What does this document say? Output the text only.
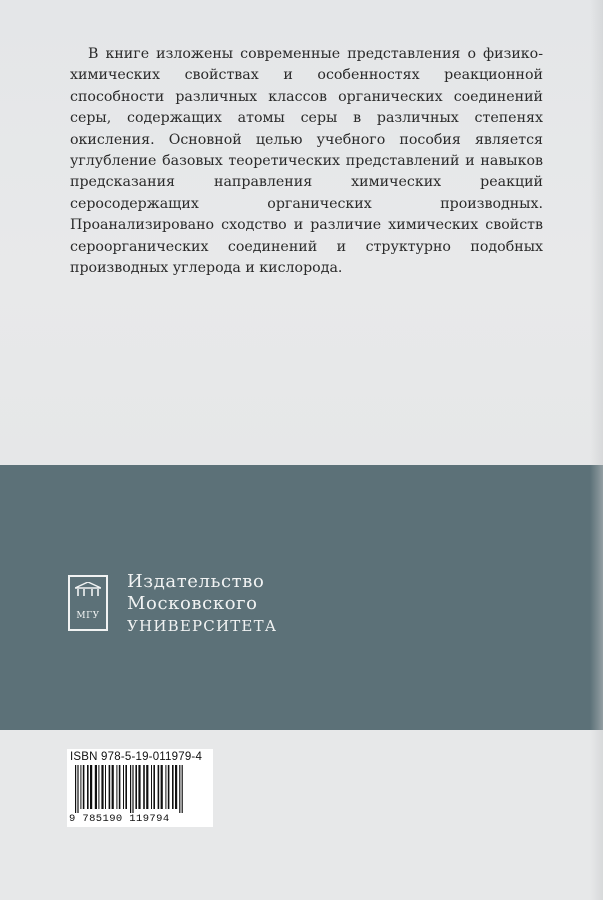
В книге изложены современные представления о физико-химических свойствах и особенностях реакционной способности различных классов органических соединений серы, содержащих атомы серы в различных степенях окисления. Основной целью учебного пособия является углубление базовых теоретических представлений и навыков предсказания направления химических реакций серосодержащих органических производных. Проанализировано сходство и различие химических свойств сероорганических соединений и структурно подобных производных углерода и кислорода.

МГУ
Издательство
Московского
УНИВЕРСИТЕТА
ISBN 978-5-19-011979-4
9 785190 119794
